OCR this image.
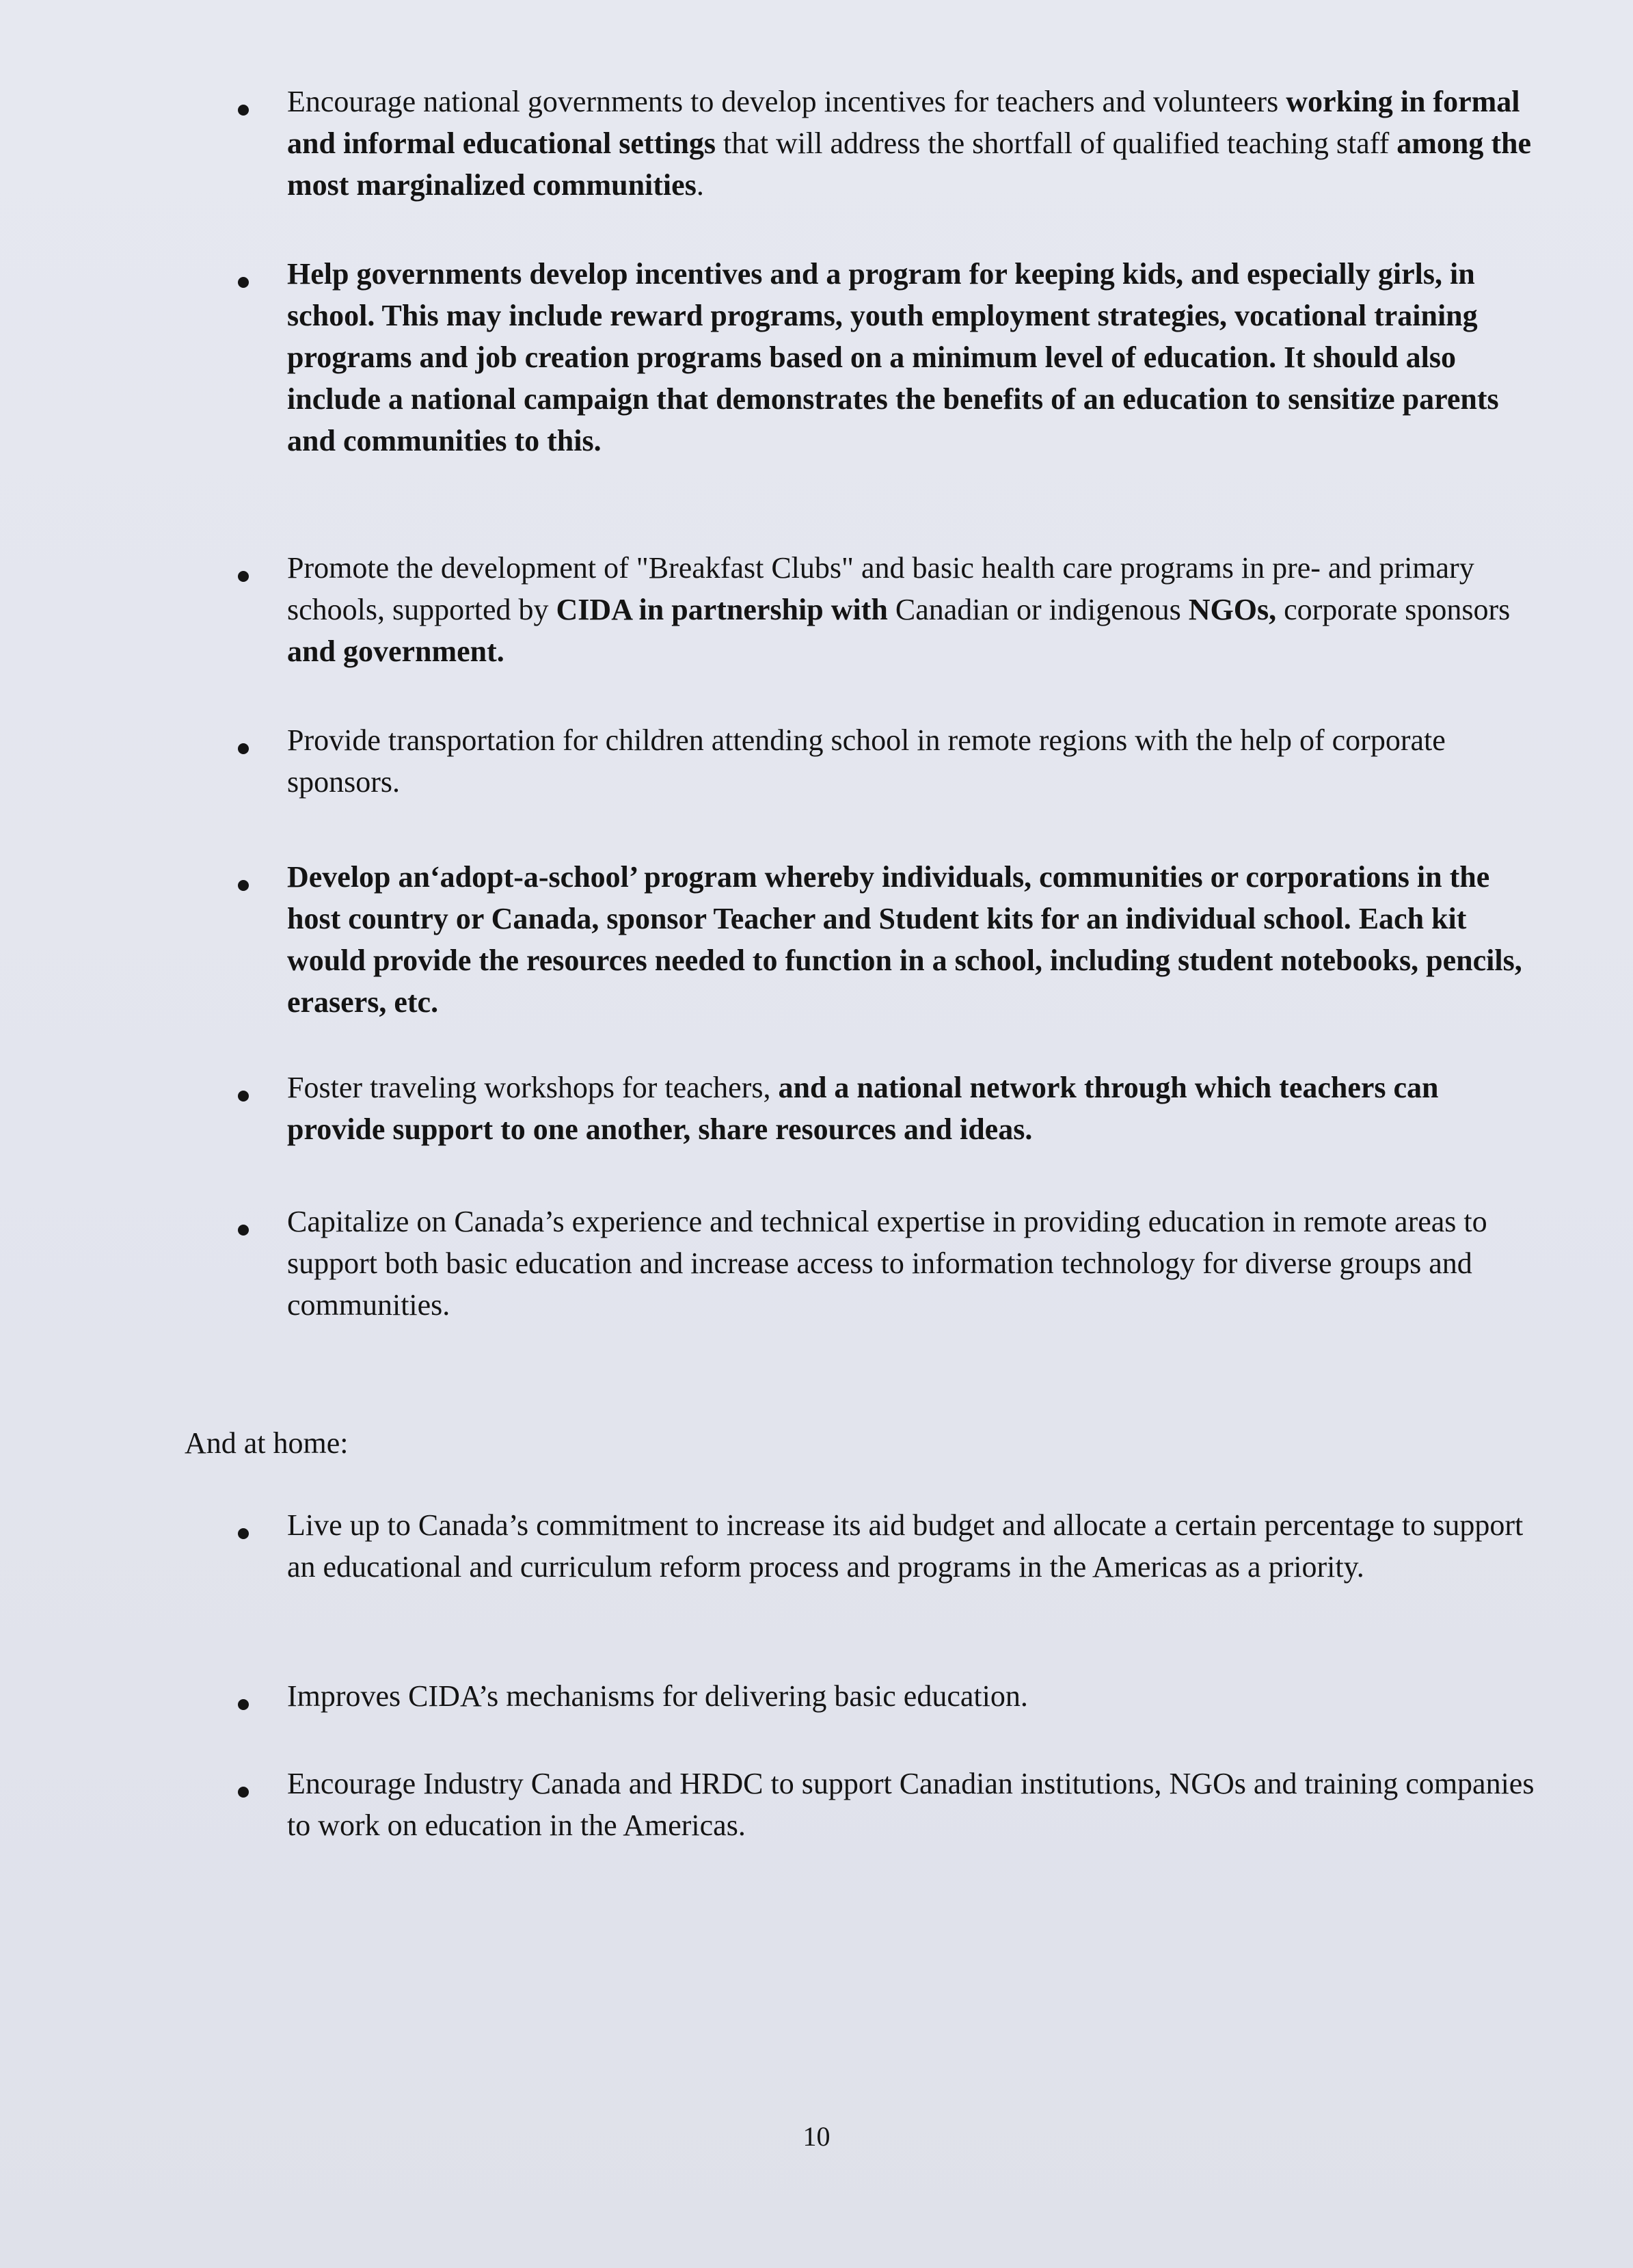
Encourage national governments to develop incentives for teachers and volunteers working in formal and informal educational settings that will address the shortfall of qualified teaching staff among the most marginalized communities.

Help governments develop incentives and a program for keeping kids, and especially girls, in school. This may include reward programs, youth employment strategies, vocational training programs and job creation programs based on a minimum level of education. It should also include a national campaign that demonstrates the benefits of an education to sensitize parents and communities to this.

Promote the development of "Breakfast Clubs" and basic health care programs in pre- and primary schools, supported by CIDA in partnership with Canadian or indigenous NGOs, corporate sponsors and government.

Provide transportation for children attending school in remote regions with the help of corporate sponsors.

Develop an‘adopt-a-school’ program whereby individuals, communities or corporations in the host country or Canada, sponsor Teacher and Student kits for an individual school. Each kit would provide the resources needed to function in a school, including student notebooks, pencils, erasers, etc.

Foster traveling workshops for teachers, and a national network through which teachers can provide support to one another, share resources and ideas.

Capitalize on Canada’s experience and technical expertise in providing education in remote areas to support both basic education and increase access to information technology for diverse groups and communities.

And at home:

Live up to Canada’s commitment to increase its aid budget and allocate a certain percentage to support an educational and curriculum reform process and programs in the Americas as a priority.

Improves CIDA’s mechanisms for delivering basic education.

Encourage Industry Canada and HRDC to support Canadian institutions, NGOs and training companies to work on education in the Americas.

10
